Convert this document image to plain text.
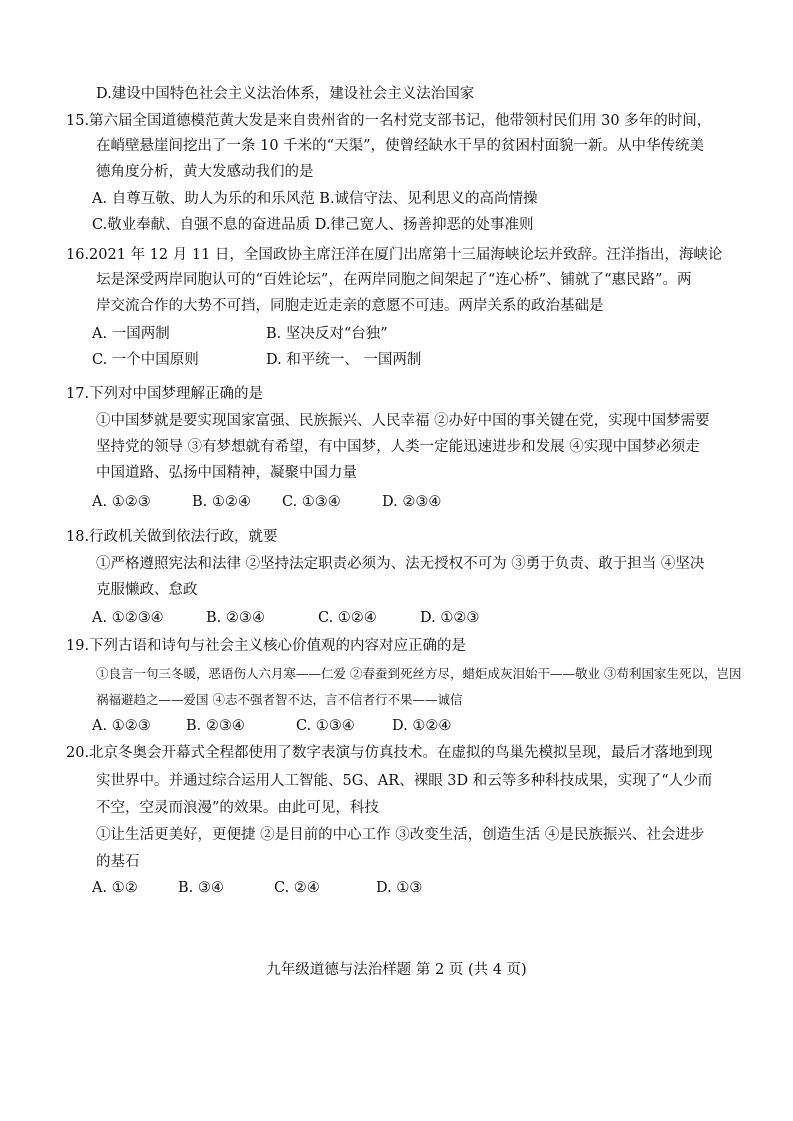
D.建设中国特色社会主义法治体系，建设社会主义法治国家
15.第六届全国道德模范黄大发是来自贵州省的一名村党支部书记，他带领村民们用 30 多年的时间，
在峭壁悬崖间挖出了一条 10 千米的“天渠”，使曾经缺水干旱的贫困村面貌一新。从中华传统美
德角度分析，黄大发感动我们的是
A. 自尊互敬、助人为乐的和乐风范 B.诚信守法、见利思义的高尚情操
C.敬业奉献、自强不息的奋进品质 D.律己宽人、扬善抑恶的处事准则
16.2021 年 12 月 11 日，全国政协主席汪洋在厦门出席第十三届海峡论坛并致辞。汪洋指出，海峡论
坛是深受两岸同胞认可的“百姓论坛”，在两岸同胞之间架起了“连心桥”、铺就了“惠民路”。两
岸交流合作的大势不可挡，同胞走近走亲的意愿不可违。两岸关系的政治基础是
A. 一国两制	B. 坚决反对“台独”
C. 一个中国原则	D. 和平统一、 一国两制
17.下列对中国梦理解正确的是
①中国梦就是要实现国家富强、民族振兴、人民幸福 ②办好中国的事关键在党，实现中国梦需要
坚持党的领导 ③有梦想就有希望，有中国梦，人类一定能迅速进步和发展 ④实现中国梦必须走
中国道路、弘扬中国精神，凝聚中国力量
A. ①②③	B. ①②④ C. ①③④	D. ②③④
18.行政机关做到依法行政，就要
①严格遵照宪法和法律 ②坚持法定职责必须为、法无授权不可为 ③勇于负责、敢于担当 ④坚决
克服懒政、怠政
A. ①②③④	B. ②③④	C. ①②④	D. ①②③
19.下列古语和诗句与社会主义核心价值观的内容对应正确的是
①良言一句三冬暖，恶语伤人六月寒——仁爱 ②春蚕到死丝方尽，蜡炬成灰泪始干——敬业 ③苟利国家生死以，岂因
祸福避趋之——爱国 ④志不强者智不达，言不信者行不果——诚信
A. ①②③ B. ②③④	C. ①③④	D. ①②④
20.北京冬奥会开幕式全程都使用了数字表演与仿真技术。在虚拟的鸟巢先模拟呈现，最后才落地到现
实世界中。并通过综合运用人工智能、5G、AR、裸眼 3D 和云等多种科技成果，实现了“人少而
不空，空灵而浪漫”的效果。由此可见，科技
①让生活更美好，更便捷 ②是目前的中心工作 ③改变生活，创造生活 ④是民族振兴、社会进步
的基石
A. ①②	B. ③④	C. ②④	D. ①③
九年级道德与法治样题 第 2 页 (共 4 页)
